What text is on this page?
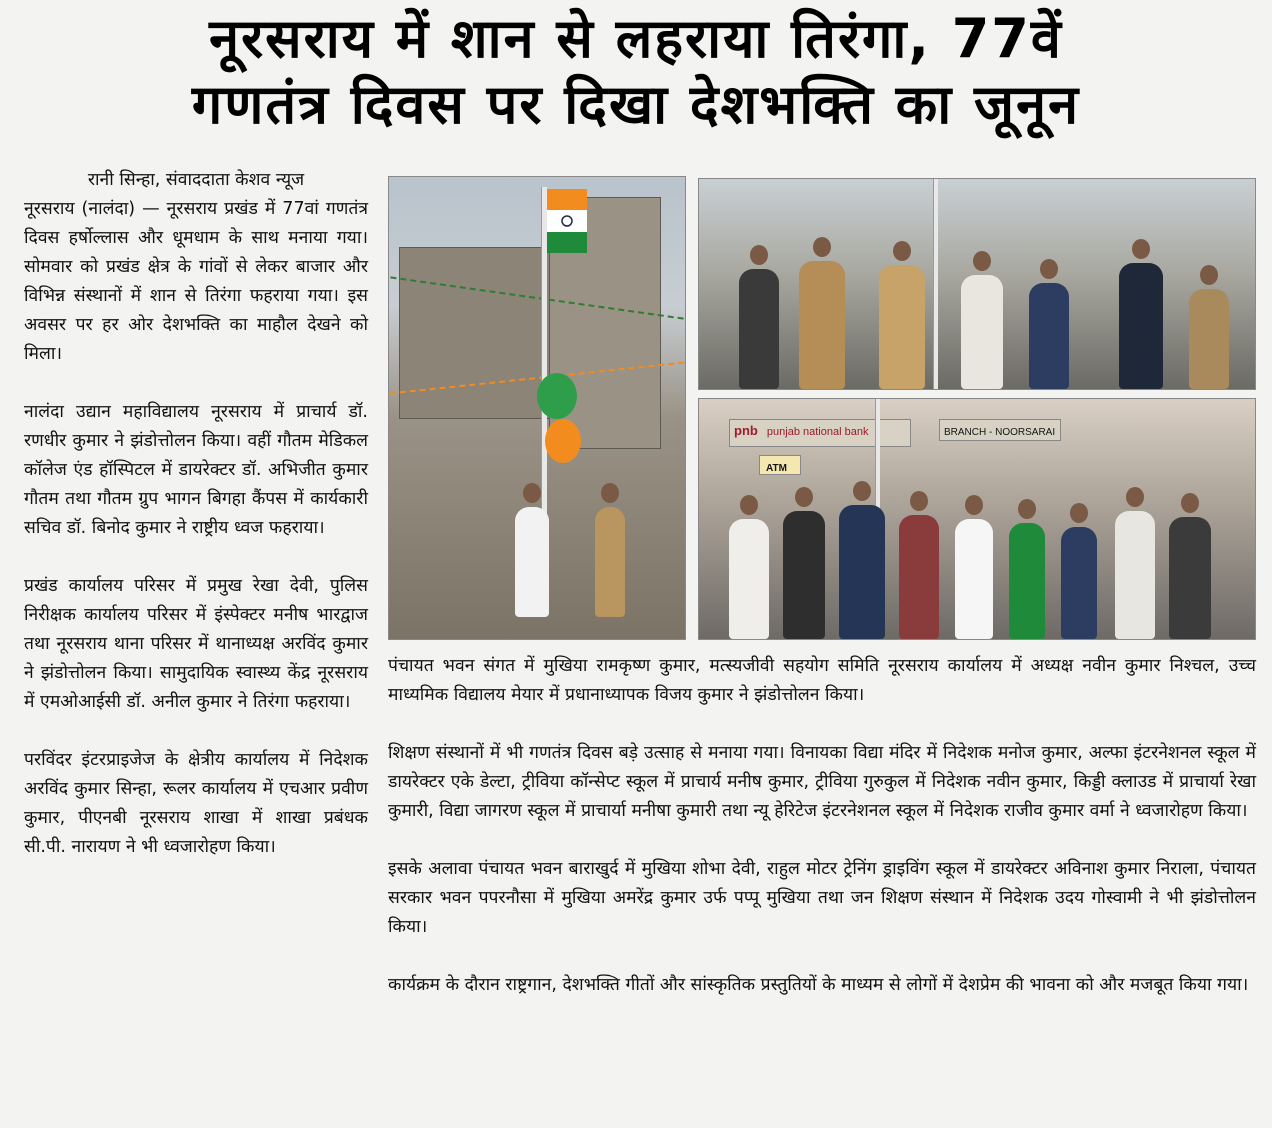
नूरसराय में शान से लहराया तिरंगा, 77वें
गणतंत्र दिवस पर दिखा देशभक्ति का जूनून

रानी सिन्हा, संवाददाता केशव न्यूज

नूरसराय (नालंदा) — नूरसराय प्रखंड में 77वां गणतंत्र दिवस हर्षोल्लास और धूमधाम के साथ मनाया गया। सोमवार को प्रखंड क्षेत्र के गांवों से लेकर बाजार और विभिन्न संस्थानों में शान से तिरंगा फहराया गया। इस अवसर पर हर ओर देशभक्ति का माहौल देखने को मिला।

नालंदा उद्यान महाविद्यालय नूरसराय में प्राचार्य डॉ. रणधीर कुमार ने झंडोत्तोलन किया। वहीं गौतम मेडिकल कॉलेज एंड हॉस्पिटल में डायरेक्टर डॉ. अभिजीत कुमार गौतम तथा गौतम ग्रुप भागन बिगहा कैंपस में कार्यकारी सचिव डॉ. बिनोद कुमार ने राष्ट्रीय ध्वज फहराया।

प्रखंड कार्यालय परिसर में प्रमुख रेखा देवी, पुलिस निरीक्षक कार्यालय परिसर में इंस्पेक्टर मनीष भारद्वाज तथा नूरसराय थाना परिसर में थानाध्यक्ष अरविंद कुमार ने झंडोत्तोलन किया। सामुदायिक स्वास्थ्य केंद्र नूरसराय में एमओआईसी डॉ. अनील कुमार ने तिरंगा फहराया।

परविंदर इंटरप्राइजेज के क्षेत्रीय कार्यालय में निदेशक अरविंद कुमार सिन्हा, रूलर कार्यालय में एचआर प्रवीण कुमार, पीएनबी नूरसराय शाखा में शाखा प्रबंधक सी.पी. नारायण ने भी ध्वजारोहण किया।

pnb punjab national bank	BRANCH - NOORSARAI
ATM

पंचायत भवन संगत में मुखिया रामकृष्ण कुमार, मत्स्यजीवी सहयोग समिति नूरसराय कार्यालय में अध्यक्ष नवीन कुमार निश्चल, उच्च माध्यमिक विद्यालय मेयार में प्रधानाध्यापक विजय कुमार ने झंडोत्तोलन किया।

शिक्षण संस्थानों में भी गणतंत्र दिवस बड़े उत्साह से मनाया गया। विनायका विद्या मंदिर में निदेशक मनोज कुमार, अल्फा इंटरनेशनल स्कूल में डायरेक्टर एके डेल्टा, ट्रीविया कॉन्सेप्ट स्कूल में प्राचार्य मनीष कुमार, ट्रीविया गुरुकुल में निदेशक नवीन कुमार, किड्डी क्लाउड में प्राचार्या रेखा कुमारी, विद्या जागरण स्कूल में प्राचार्या मनीषा कुमारी तथा न्यू हेरिटेज इंटरनेशनल स्कूल में निदेशक राजीव कुमार वर्मा ने ध्वजारोहण किया।

इसके अलावा पंचायत भवन बाराखुर्द में मुखिया शोभा देवी, राहुल मोटर ट्रेनिंग ड्राइविंग स्कूल में डायरेक्टर अविनाश कुमार निराला, पंचायत सरकार भवन पपरनौसा में मुखिया अमरेंद्र कुमार उर्फ पप्पू मुखिया तथा जन शिक्षण संस्थान में निदेशक उदय गोस्वामी ने भी झंडोत्तोलन किया।

कार्यक्रम के दौरान राष्ट्रगान, देशभक्ति गीतों और सांस्कृतिक प्रस्तुतियों के माध्यम से लोगों में देशप्रेम की भावना को और मजबूत किया गया।
